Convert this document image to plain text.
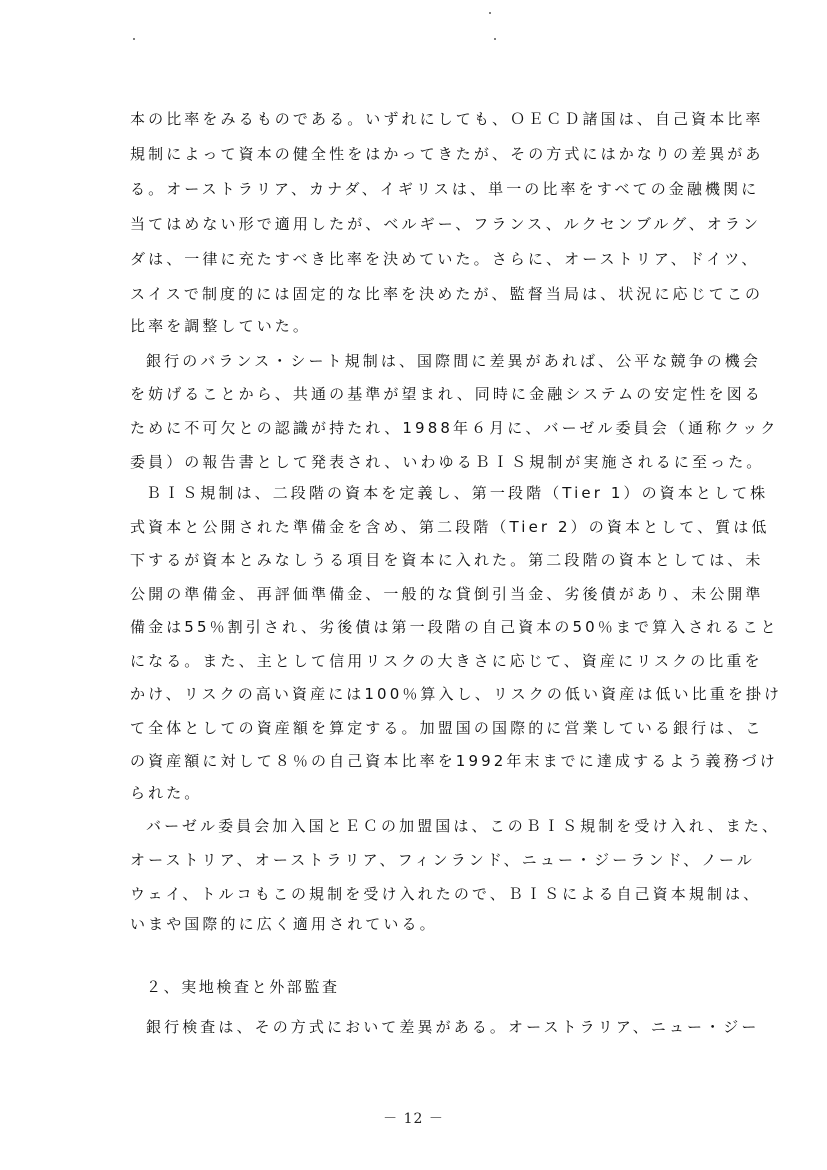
本の比率をみるものである。いずれにしても、ＯＥＣＤ諸国は、自己資本比率
規制によって資本の健全性をはかってきたが、その方式にはかなりの差異があ
る。オーストラリア、カナダ、イギリスは、単一の比率をすべての金融機関に
当てはめない形で適用したが、ベルギー、フランス、ルクセンブルグ、オラン
ダは、一律に充たすべき比率を決めていた。さらに、オーストリア、ドイツ、
スイスで制度的には固定的な比率を決めたが、監督当局は、状況に応じてこの
比率を調整していた。
銀行のバランス・シート規制は、国際間に差異があれば、公平な競争の機会
を妨げることから、共通の基準が望まれ、同時に金融システムの安定性を図る
ために不可欠との認識が持たれ、1988年６月に、バーゼル委員会（通称クック
委員）の報告書として発表され、いわゆるＢＩＳ規制が実施されるに至った。
ＢＩＳ規制は、二段階の資本を定義し、第一段階（Tier 1）の資本として株
式資本と公開された準備金を含め、第二段階（Tier 2）の資本として、質は低
下するが資本とみなしうる項目を資本に入れた。第二段階の資本としては、未
公開の準備金、再評価準備金、一般的な貸倒引当金、劣後債があり、未公開準
備金は55％割引され、劣後債は第一段階の自己資本の50％まで算入されること
になる。また、主として信用リスクの大きさに応じて、資産にリスクの比重を
かけ、リスクの高い資産には100％算入し、リスクの低い資産は低い比重を掛け
て全体としての資産額を算定する。加盟国の国際的に営業している銀行は、こ
の資産額に対して８％の自己資本比率を1992年末までに達成するよう義務づけ
られた。
バーゼル委員会加入国とＥＣの加盟国は、このＢＩＳ規制を受け入れ、また、
オーストリア、オーストラリア、フィンランド、ニュー・ジーランド、ノール
ウェイ、トルコもこの規制を受け入れたので、ＢＩＳによる自己資本規制は、
いまや国際的に広く適用されている。
２、実地検査と外部監査
銀行検査は、その方式において差異がある。オーストラリア、ニュー・ジー
－ 12 －
